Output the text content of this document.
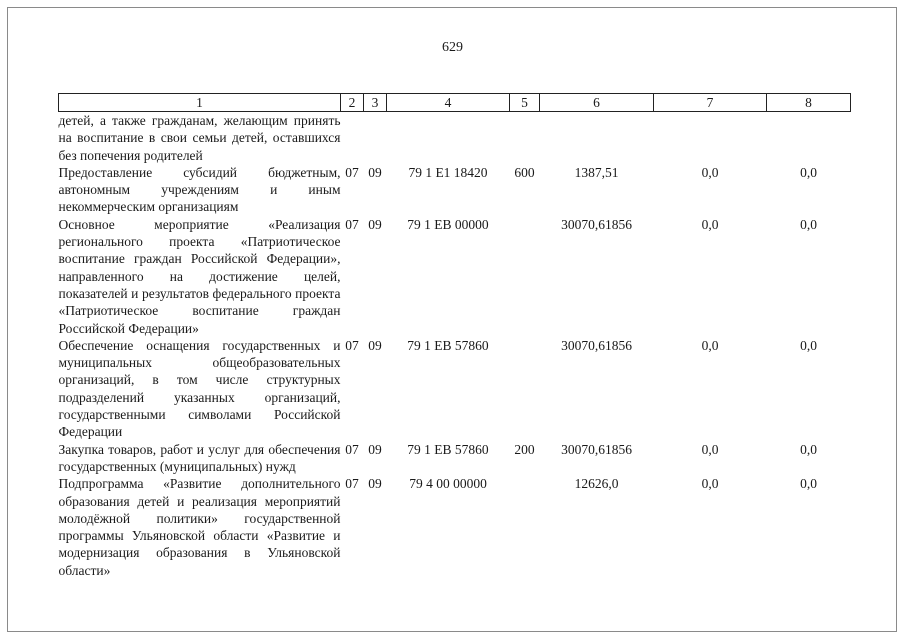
629
1	2	3	4	5	6	7	8
детей, а также гражданам, желающим принять на воспитание в свои семьи детей, оставшихся без попечения родителей							
Предоставление субсидий бюджетным, автономным учреждениям и иным некоммерческим организациям	07	09	79 1 Е1 18420	600	1387,51	0,0	0,0
Основное мероприятие «Реализация регионального проекта «Патриотическое воспитание граждан Российской Федерации», направленного на достижение целей, показателей и результатов федерального проекта «Патриотическое воспитание граждан Российской Федерации»	07	09	79 1 ЕВ 00000		30070,61856	0,0	0,0
Обеспечение оснащения государственных и муниципальных общеобразовательных организаций, в том числе структурных подразделений указанных организаций, государственными символами Российской Федерации	07	09	79 1 ЕВ 57860		30070,61856	0,0	0,0
Закупка товаров, работ и услуг для обеспечения государственных (муниципальных) нужд	07	09	79 1 ЕВ 57860	200	30070,61856	0,0	0,0
Подпрограмма «Развитие дополнительного образования детей и реализация мероприятий молодёжной политики» государственной программы Ульяновской области «Развитие и модернизация образования в Ульяновской области»	07	09	79 4 00 00000		12626,0	0,0	0,0
